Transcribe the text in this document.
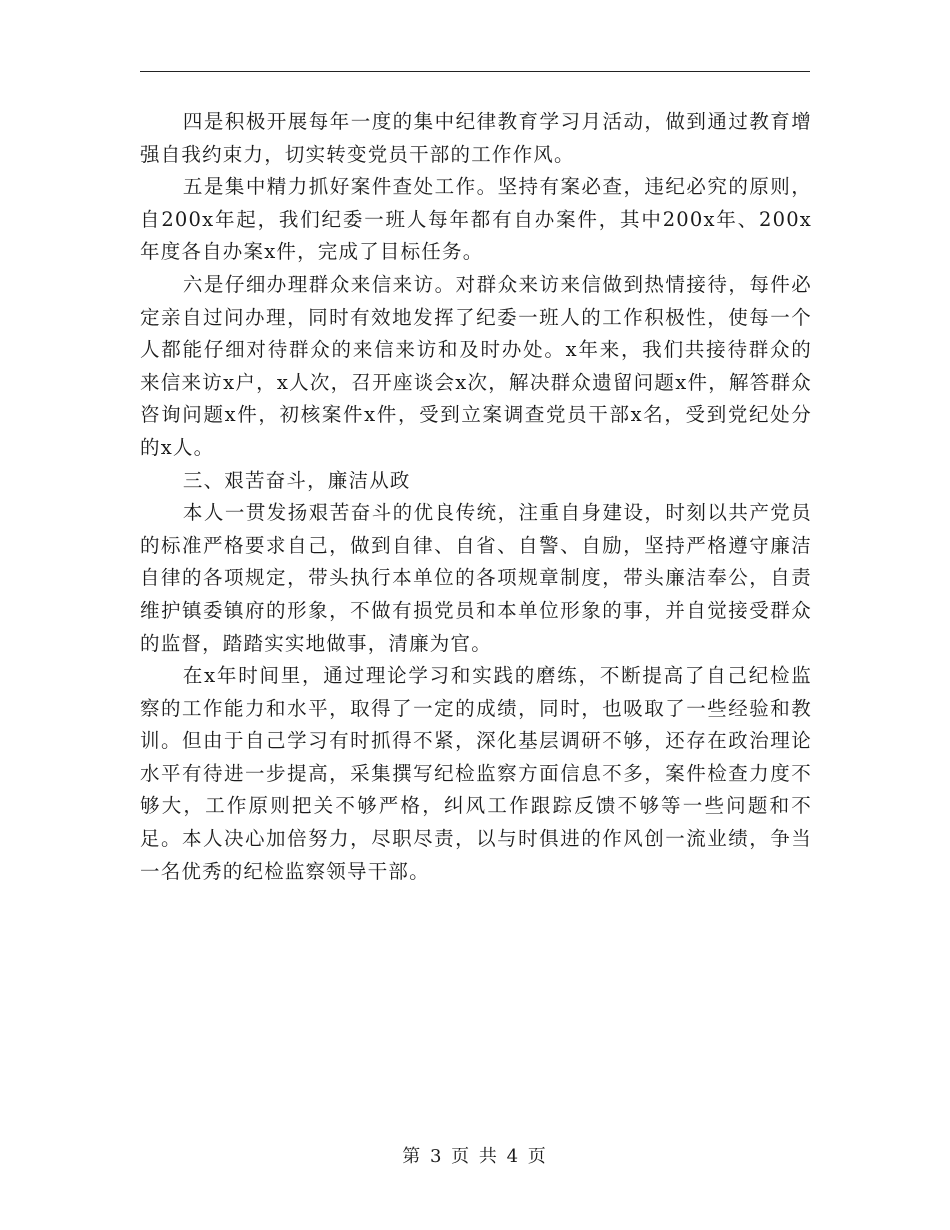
四是积极开展每年一度的集中纪律教育学习月活动，做到通过教育增强自我约束力，切实转变党员干部的工作作风。

五是集中精力抓好案件查处工作。坚持有案必查，违纪必究的原则，自200x年起，我们纪委一班人每年都有自办案件，其中200x年、200x年度各自办案x件，完成了目标任务。

六是仔细办理群众来信来访。对群众来访来信做到热情接待，每件必定亲自过问办理，同时有效地发挥了纪委一班人的工作积极性，使每一个人都能仔细对待群众的来信来访和及时办处。x年来，我们共接待群众的来信来访x户，x人次，召开座谈会x次，解决群众遗留问题x件，解答群众咨询问题x件，初核案件x件，受到立案调查党员干部x名，受到党纪处分的x人。

三、艰苦奋斗，廉洁从政

本人一贯发扬艰苦奋斗的优良传统，注重自身建设，时刻以共产党员的标准严格要求自己，做到自律、自省、自警、自励，坚持严格遵守廉洁自律的各项规定，带头执行本单位的各项规章制度，带头廉洁奉公，自责维护镇委镇府的形象，不做有损党员和本单位形象的事，并自觉接受群众的监督，踏踏实实地做事，清廉为官。

在x年时间里，通过理论学习和实践的磨练，不断提高了自己纪检监察的工作能力和水平，取得了一定的成绩，同时，也吸取了一些经验和教训。但由于自己学习有时抓得不紧，深化基层调研不够，还存在政治理论水平有待进一步提高，采集撰写纪检监察方面信息不多，案件检查力度不够大，工作原则把关不够严格，纠风工作跟踪反馈不够等一些问题和不足。本人决心加倍努力，尽职尽责，以与时俱进的作风创一流业绩，争当一名优秀的纪检监察领导干部。

第 3 页 共 4 页
